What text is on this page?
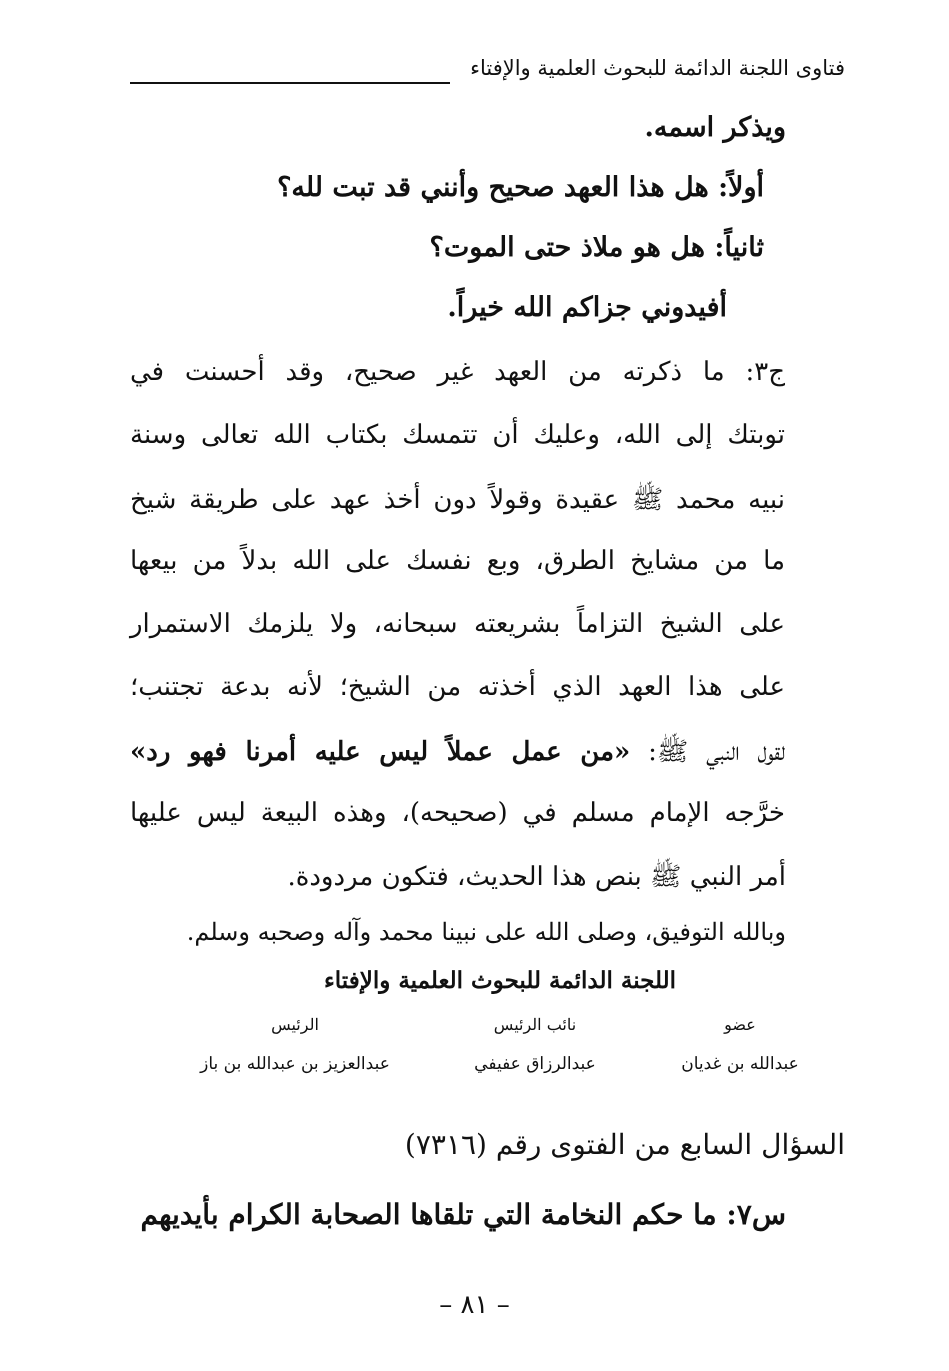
فتاوى اللجنة الدائمة للبحوث العلمية والإفتاء
ويذكر اسمه.
أولاً: هل هذا العهد صحيح وأنني قد تبت لله؟
ثانياً: هل هو ملاذ حتى الموت؟
أفيدوني جزاكم الله خيراً.
ج٣: ما ذكرته من العهد غير صحيح، وقد أحسنت في
توبتك إلى الله، وعليك أن تتمسك بكتاب الله تعالى وسنة
نبيه محمد ﷺ عقيدة وقولاً دون أخذ عهد على طريقة شيخ
ما من مشايخ الطرق، وبع نفسك على الله بدلاً من بيعها
على الشيخ التزاماً بشريعته سبحانه، ولا يلزمك الاستمرار
على هذا العهد الذي أخذته من الشيخ؛ لأنه بدعة تجتنب؛
لقول النبي ﷺ: «من عمل عملاً ليس عليه أمرنا فهو رد»
خرَّجه الإمام مسلم في (صحيحه)، وهذه البيعة ليس عليها
أمر النبي ﷺ بنص هذا الحديث، فتكون مردودة.
وبالله التوفيق، وصلى الله على نبينا محمد وآله وصحبه وسلم.
اللجنة الدائمة للبحوث العلمية والإفتاء
عضو
عبدالله بن غديان
نائب الرئيس
عبدالرزاق عفيفي
الرئيس
عبدالعزيز بن عبدالله بن باز
السؤال السابع من الفتوى رقم (٧٣١٦)
س٧: ما حكم النخامة التي تلقاها الصحابة الكرام بأيديهم
– ٨١ –
